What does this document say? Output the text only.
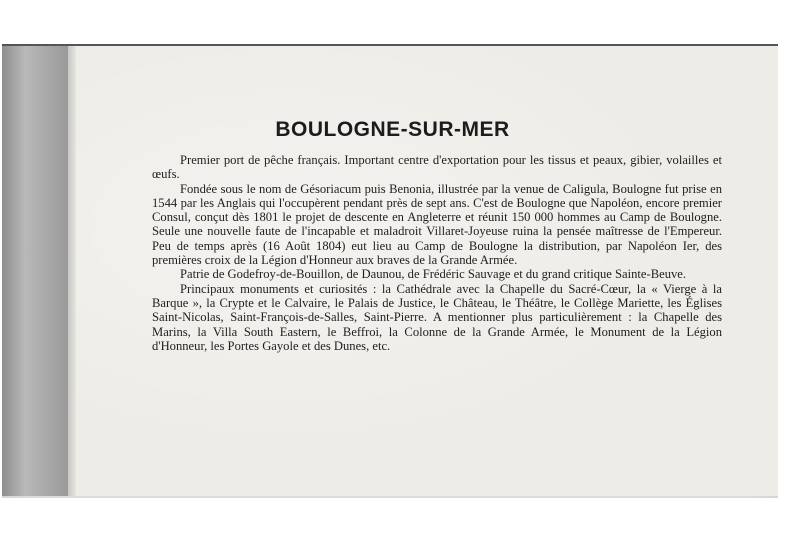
BOULOGNE-SUR-MER

Premier port de pêche français. Important centre d'exportation pour les tissus et peaux, gibier, volailles et œufs.

Fondée sous le nom de Gésoriacum puis Benonia, illustrée par la venue de Caligula, Boulogne fut prise en 1544 par les Anglais qui l'occupèrent pendant près de sept ans. C'est de Boulogne que Napoléon, encore premier Consul, conçut dès 1801 le projet de descente en Angleterre et réunit 150 000 hommes au Camp de Boulogne. Seule une nouvelle faute de l'incapable et maladroit Villaret-Joyeuse ruina la pensée maîtresse de l'Empereur. Peu de temps après (16 Août 1804) eut lieu au Camp de Boulogne la distribution, par Napoléon Ier, des premières croix de la Légion d'Honneur aux braves de la Grande Armée.

Patrie de Godefroy-de-Bouillon, de Daunou, de Frédéric Sauvage et du grand critique Sainte-Beuve.

Principaux monuments et curiosités : la Cathédrale avec la Chapelle du Sacré-Cœur, la « Vierge à la Barque », la Crypte et le Calvaire, le Palais de Justice, le Château, le Théâtre, le Collège Mariette, les Églises Saint-Nicolas, Saint-François-de-Salles, Saint-Pierre. A mentionner plus particulièrement : la Chapelle des Marins, la Villa South Eastern, le Beffroi, la Colonne de la Grande Armée, le Monument de la Légion d'Honneur, les Portes Gayole et des Dunes, etc.
